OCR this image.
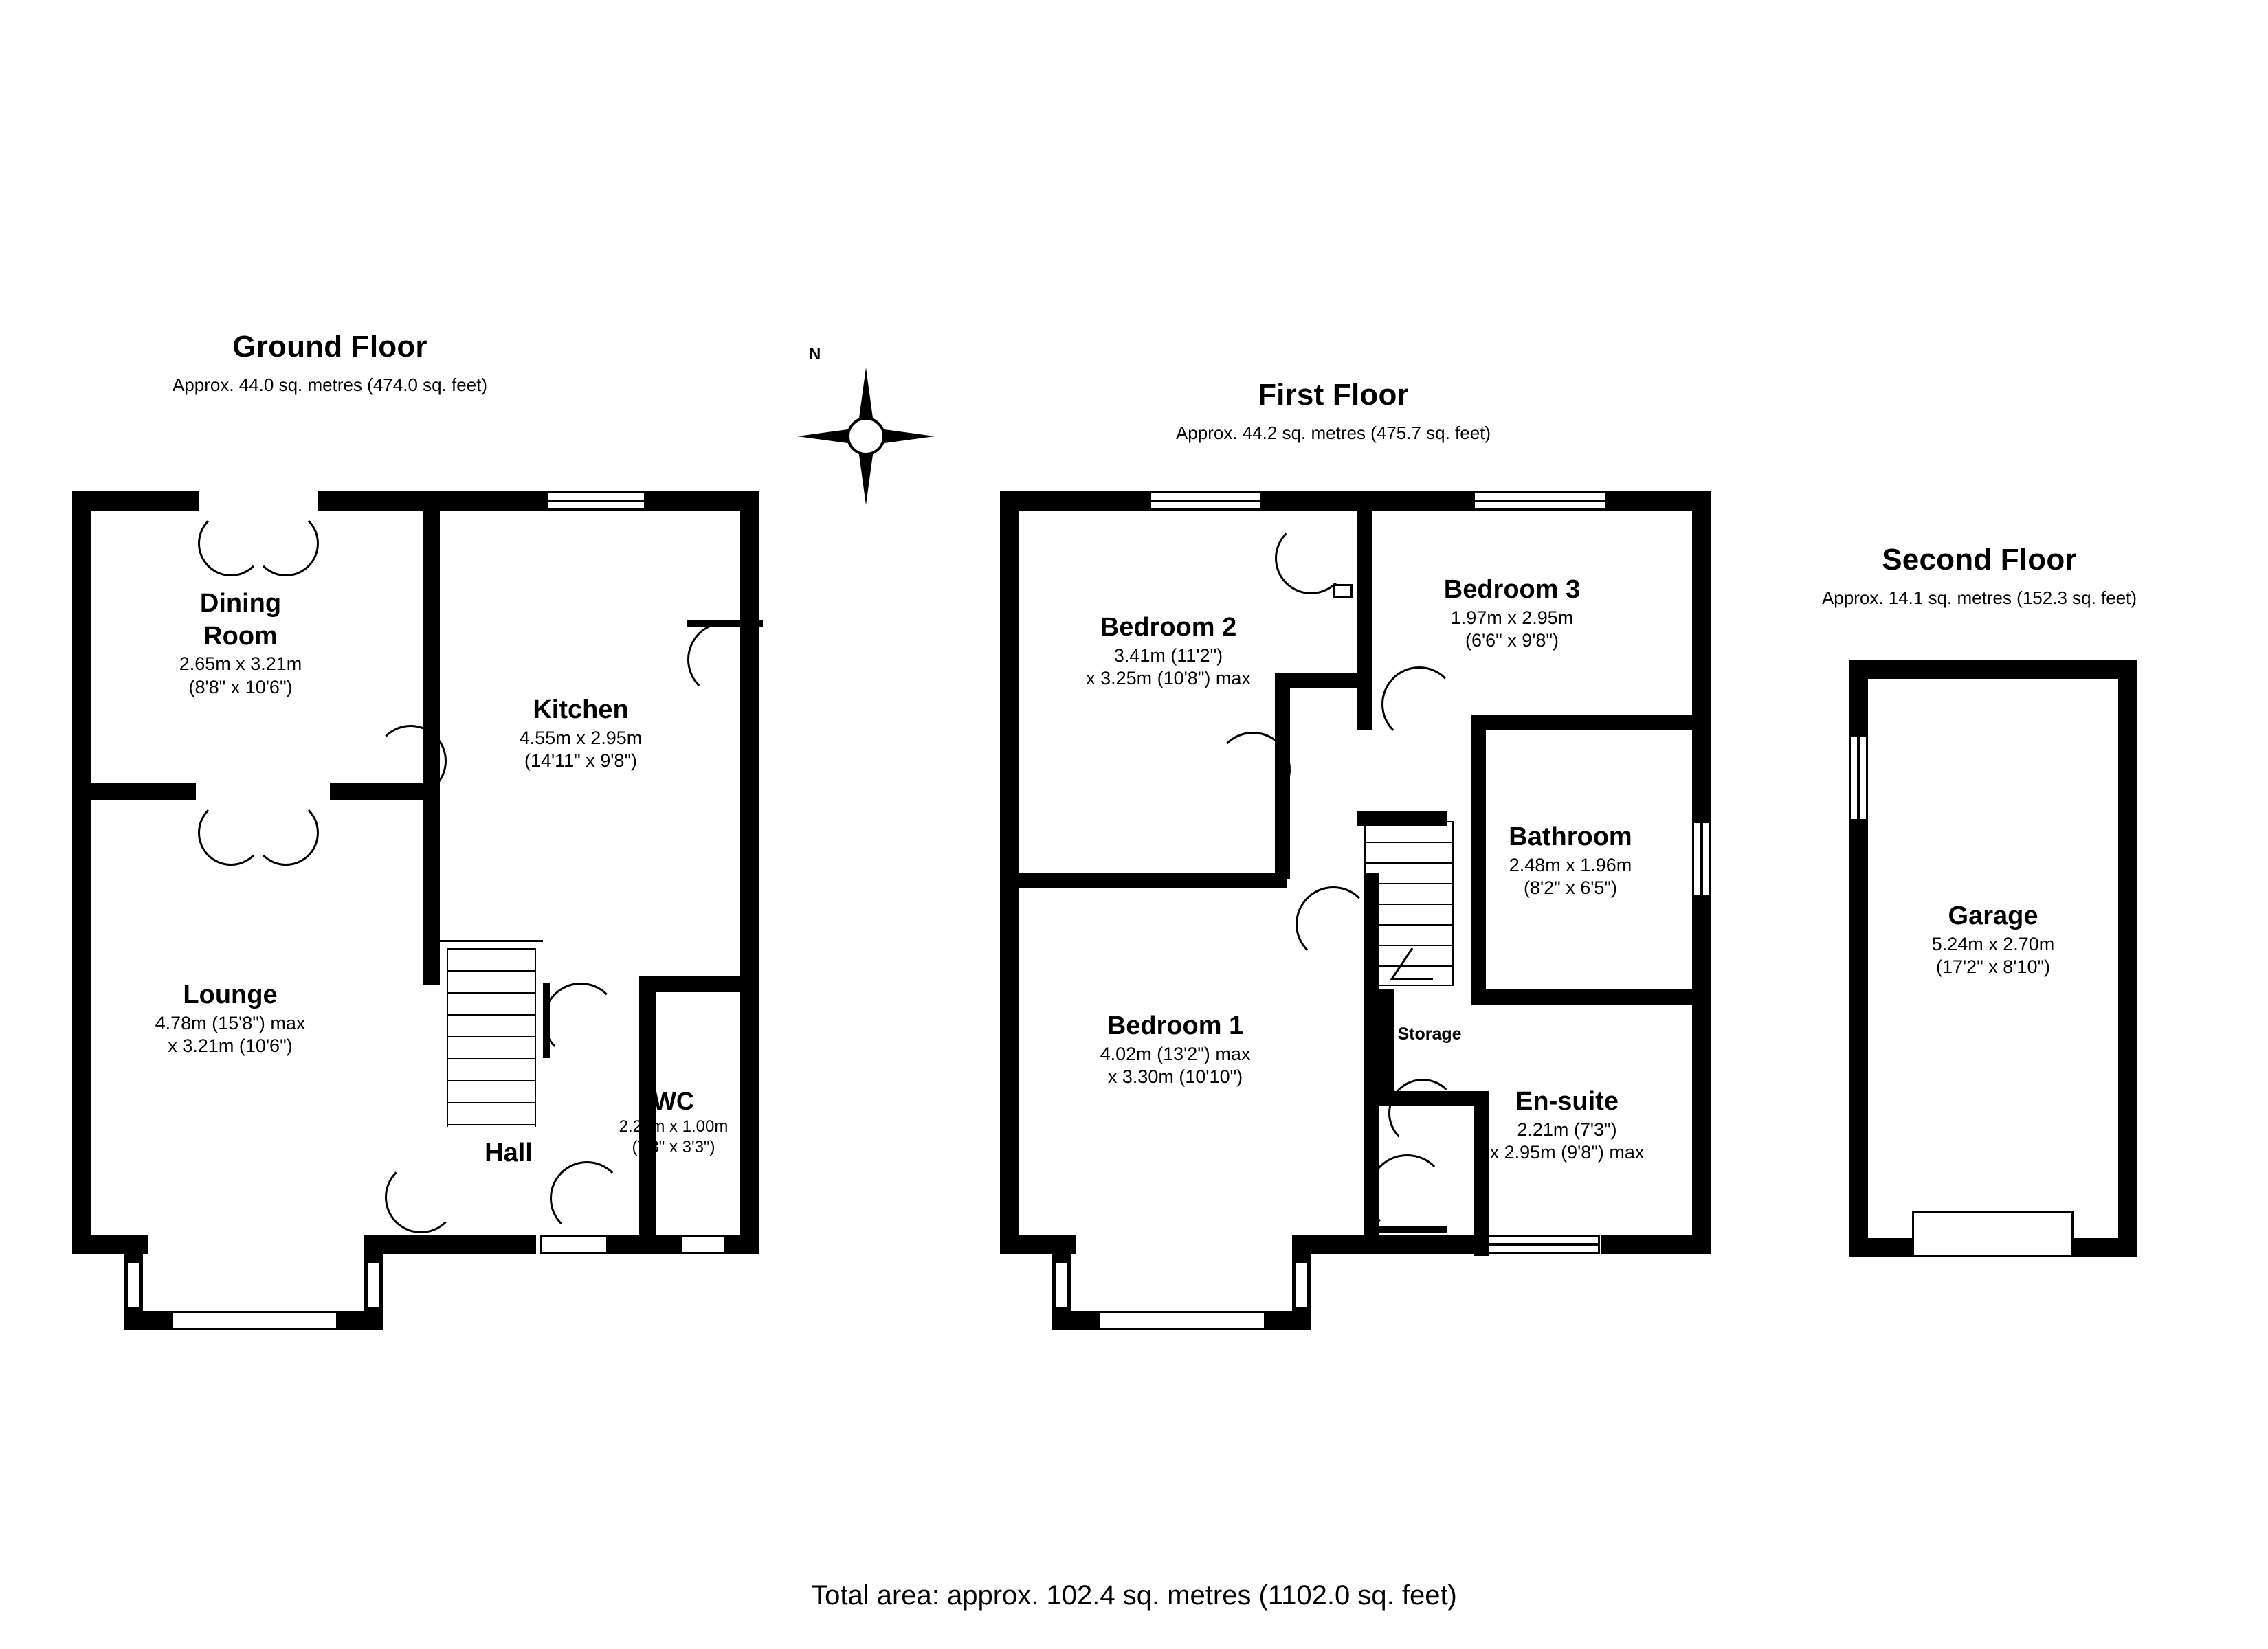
Ground Floor
Approx. 44.0 sq. metres (474.0 sq. feet)
Dining
Room
2.65m x 3.21m
(8'8" x 10'6")
Kitchen
4.55m x 2.95m
(14'11" x 9'8")
Lounge
4.78m (15'8") max
x 3.21m (10'6")
Hall
WC
2.21m x 1.00m
(7'3" x 3'3")
N
First Floor
Approx. 44.2 sq. metres (475.7 sq. feet)
Bedroom 2
3.41m (11'2")
x 3.25m (10'8") max
Bedroom 3
1.97m x 2.95m
(6'6" x 9'8")
Bathroom
2.48m x 1.96m
(8'2" x 6'5")
Bedroom 1
4.02m (13'2") max
x 3.30m (10'10")
En-suite
2.21m (7'3")
x 2.95m (9'8") max
Storage
Second Floor
Approx. 14.1 sq. metres (152.3 sq. feet)
Garage
5.24m x 2.70m
(17'2" x 8'10")
Total area: approx. 102.4 sq. metres (1102.0 sq. feet)
